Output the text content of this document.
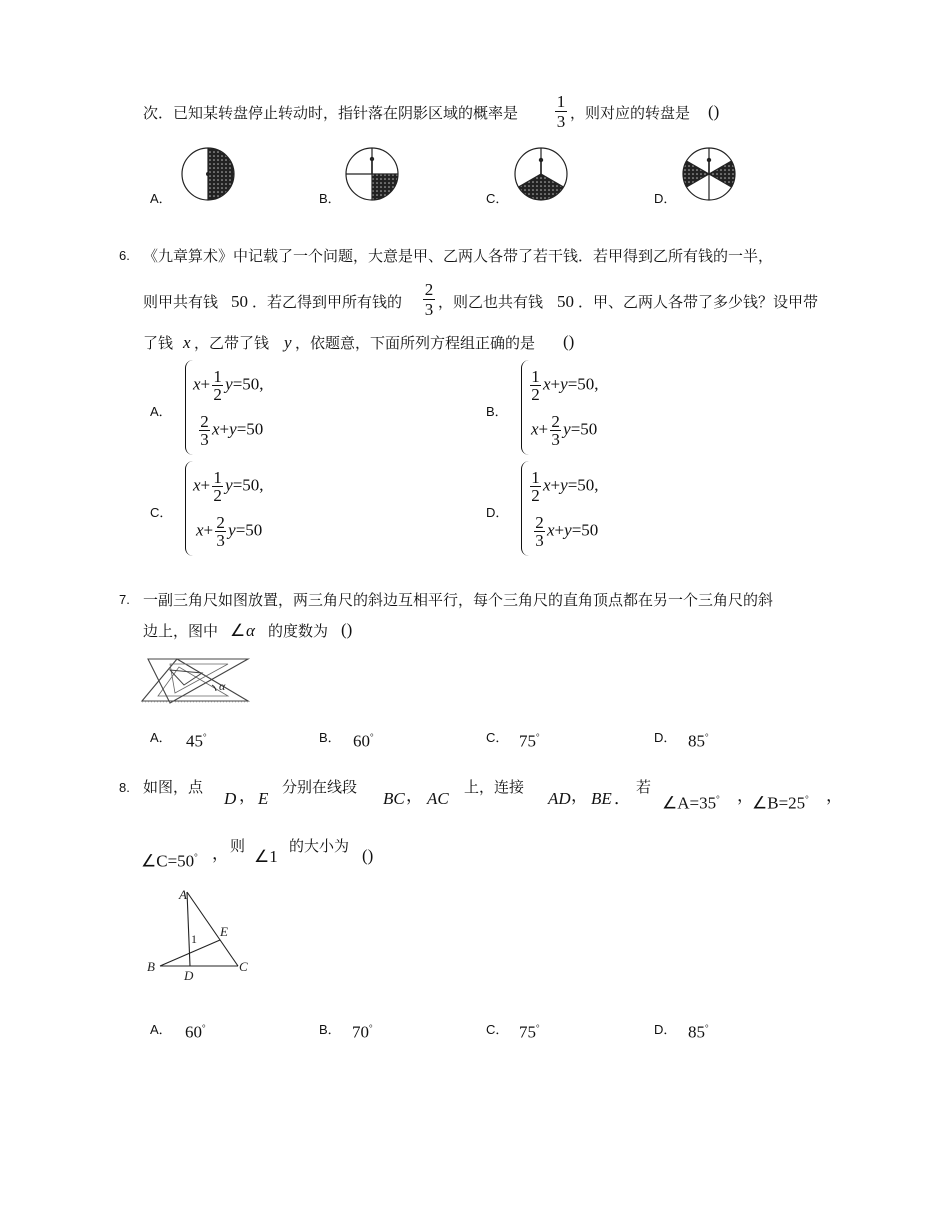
次．已知某转盘停止转动时，指针落在阴影区域的概率是
1
3 ，则对应的转盘是 ()
A．	B．	C．	D．
6. 《九章算术》中记载了一个问题，大意是甲、乙两人各带了若干钱．若甲得到乙所有钱的一半，
则甲共有钱 50 ．若乙得到甲所有钱的
2
3 ，则乙也共有钱 50 ．甲、乙两人各带了多少钱？设甲带
了钱 x ，乙带了钱 y ，依题意，下面所列方程组正确的是 ()
A．
$x+ \frac{1}{2} y=50$,
$\frac{2}{3} x+y=50$
B．
$\frac{1}{2} x+y=50$,
$x+ \frac{2}{3} y=50$
C．
$x+ \frac{1}{2} y=50$,
$x+ \frac{2}{3} y=50$
D．
$\frac{1}{2} x+y=50$,
$\frac{2}{3} x+y=50$
7. 一副三角尺如图放置，两三角尺的斜边互相平行，每个三角尺的直角顶点都在另一个三角尺的斜
边上，图中 ∠ α 的度数为 ()
α
A． 45°	B． 60°	C． 75°	D． 85°
8. 如图，点
D ， E
分别在线段
BC ， AC
上，连接
AD ， BE ．
若
∠A=35° ，
∠B=25° ，
∠C=50° ， 则
∠1
的大小为 ()
A
B	C
D
E
1
A． 60°	B． 70°	C． 75°	D． 85°
